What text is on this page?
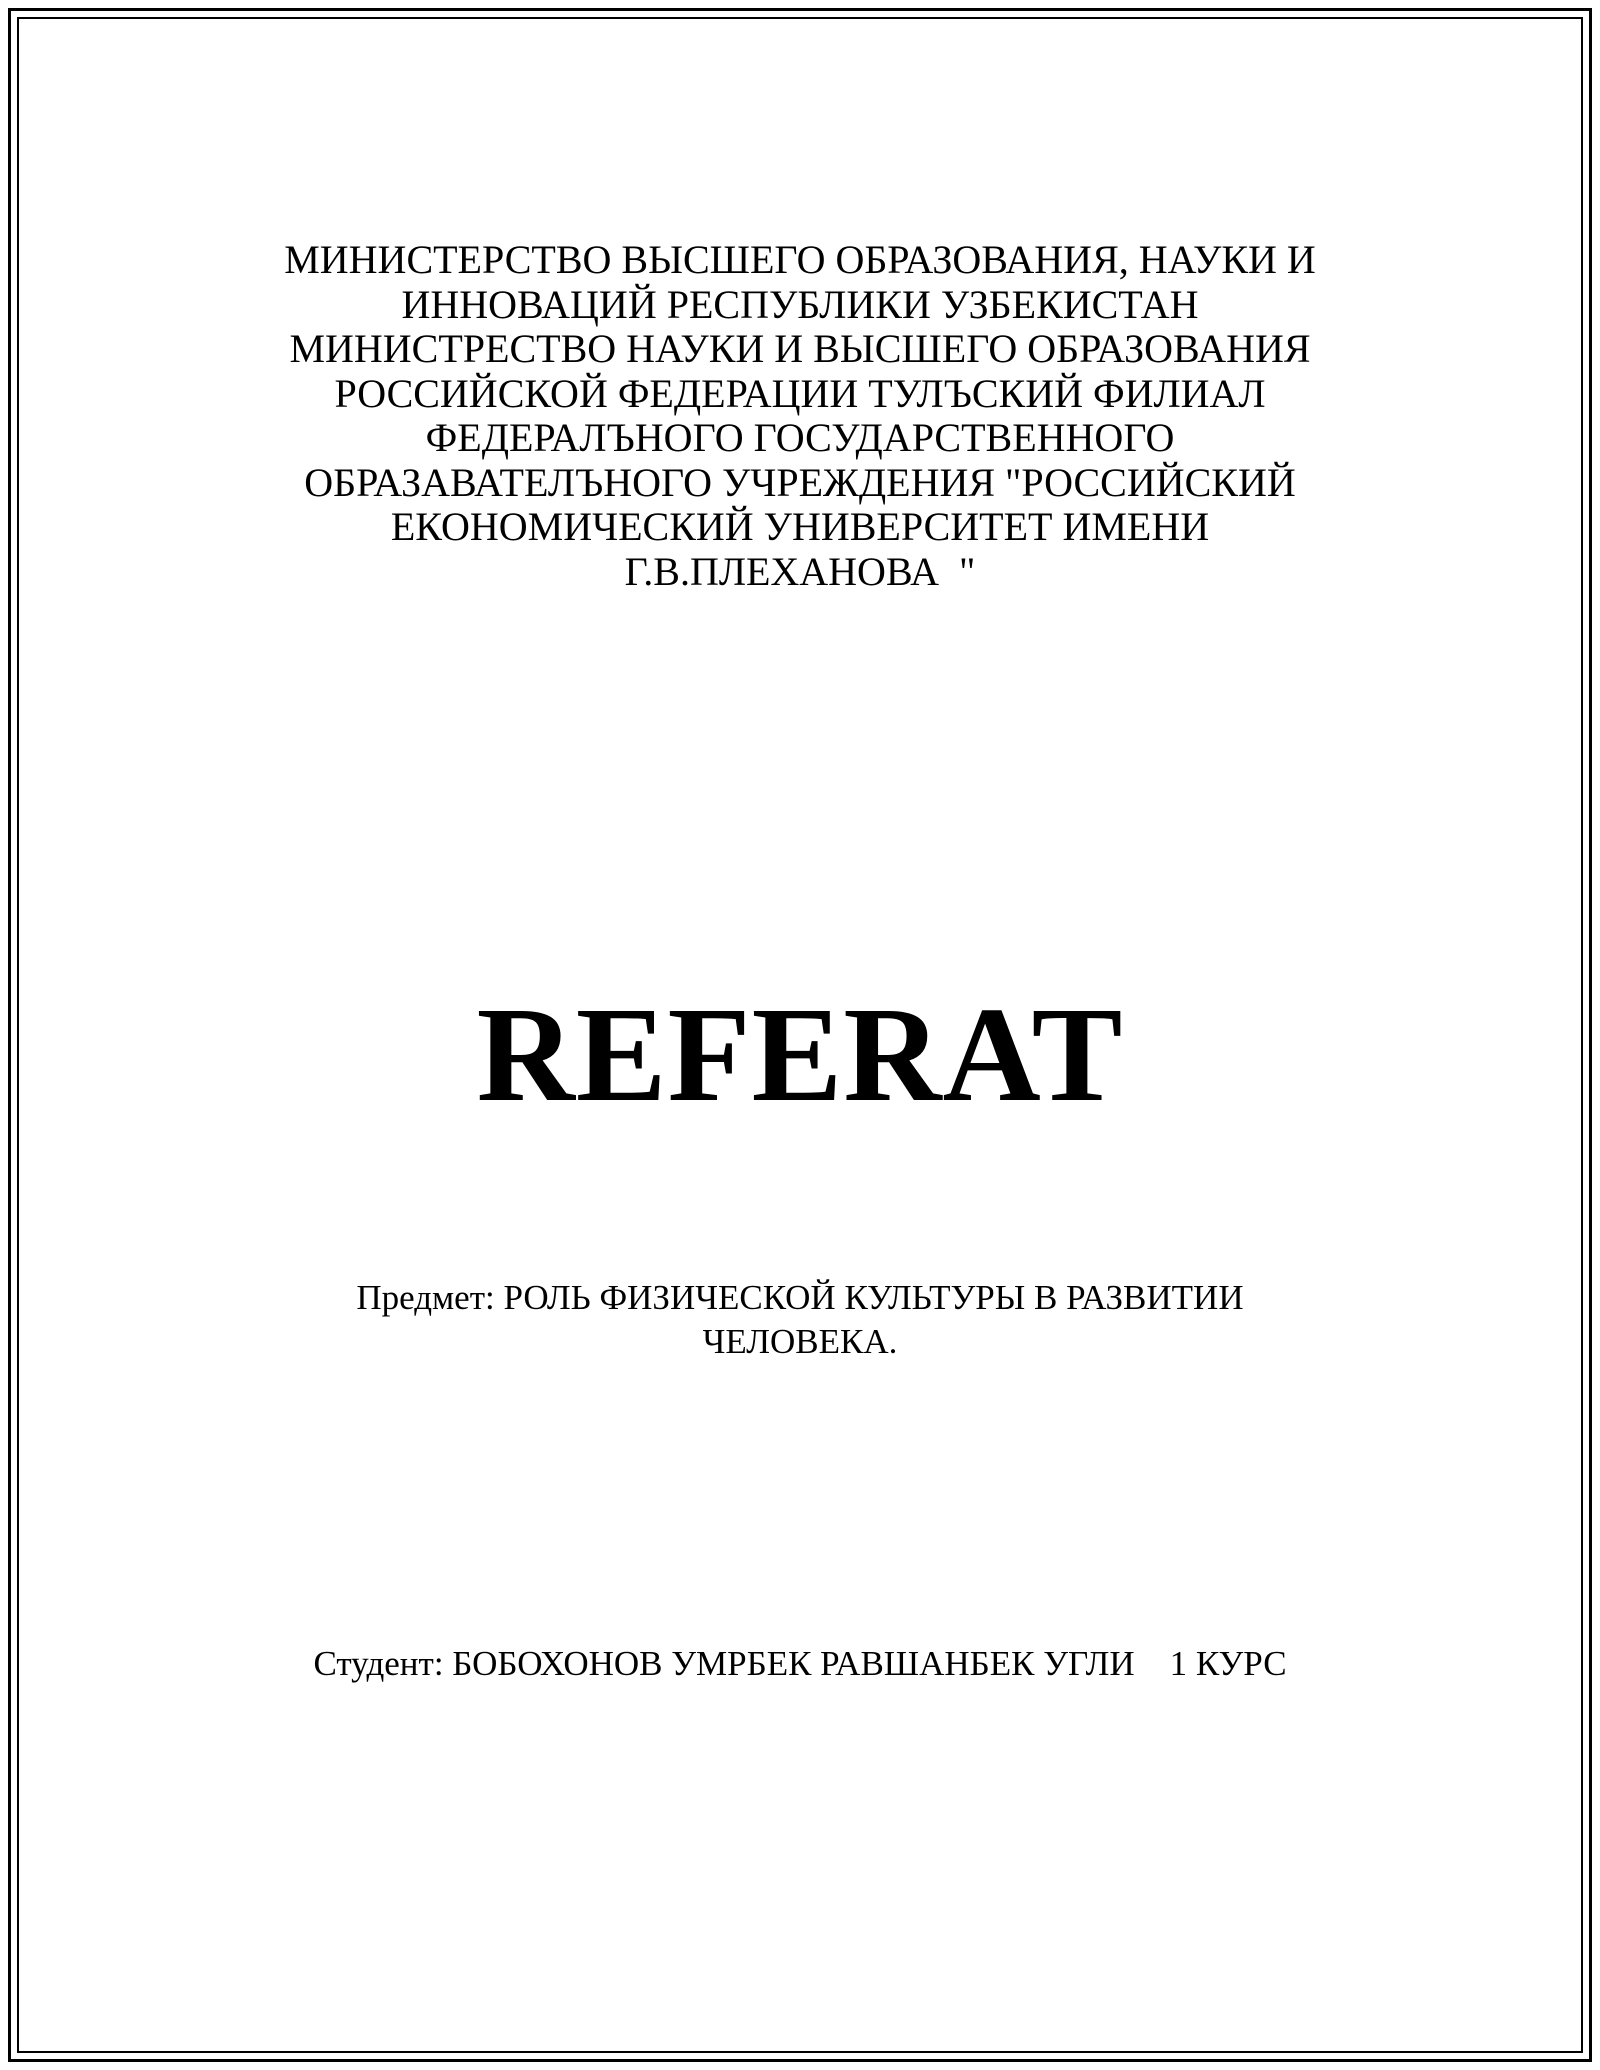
МИНИСТЕРСТВО ВЫСШЕГО ОБРАЗОВАНИЯ, НАУКИ И
ИННОВАЦИЙ РЕСПУБЛИКИ УЗБЕКИСТАН
МИНИСТРЕСТВО НАУКИ И ВЫСШЕГО ОБРАЗОВАНИЯ
РОССИЙСКОЙ ФЕДЕРАЦИИ ТУЛЪСКИЙ ФИЛИАЛ
ФЕДЕРАЛЪНОГО ГОСУДАРСТВЕННОГО
ОБРАЗАВАТЕЛЪНОГО УЧРЕЖДЕНИЯ "РОССИЙСКИЙ
ЕКОНОМИЧЕСКИЙ УНИВЕРСИТЕТ ИМЕНИ
Г.В.ПЛЕХАНОВА  "
REFERAT
Предмет: РОЛЬ ФИЗИЧЕСКОЙ КУЛЬТУРЫ В РАЗВИТИИ
ЧЕЛОВЕКА.
Студент: БОБОХОНОВ УМРБЕК РАВШАНБЕК УГЛИ    1 КУРС
